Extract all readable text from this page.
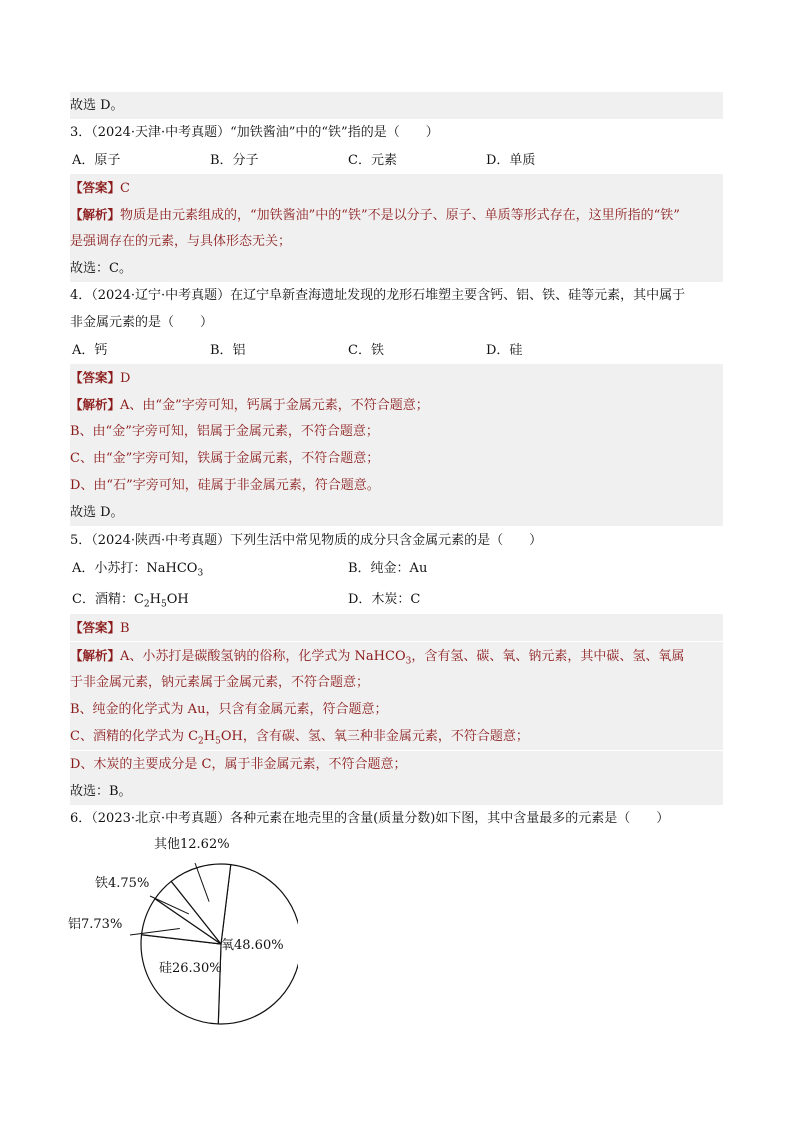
故选 D。
3．（2024·天津·中考真题）“加铁酱油”中的“铁”指的是（　　）
A．原子	B．分子	C．元素	D．单质
【答案】C
【解析】物质是由元素组成的，“加铁酱油”中的“铁”不是以分子、原子、单质等形式存在，这里所指的“铁”
是强调存在的元素，与具体形态无关；
故选：C。
4．（2024·辽宁·中考真题）在辽宁阜新查海遗址发现的龙形石堆塑主要含钙、铝、铁、硅等元素，其中属于
非金属元素的是（　　）
A．钙	B．铝	C．铁	D．硅
【答案】D
【解析】A、由“金”字旁可知，钙属于金属元素，不符合题意；
B、由“金”字旁可知，铝属于金属元素，不符合题意；
C、由“金”字旁可知，铁属于金属元素，不符合题意；
D、由“石”字旁可知，硅属于非金属元素，符合题意。
故选 D。
5．（2024·陕西·中考真题）下列生活中常见物质的成分只含金属元素的是（　　）
A．小苏打：NaHCO$_3$	B．纯金：Au
C．酒精：$C_2H_5OH$	D．木炭：C
【答案】B
【解析】A、小苏打是碳酸氢钠的俗称，化学式为 NaHCO$_3$，含有氢、碳、氧、钠元素，其中碳、氢、氧属
于非金属元素，钠元素属于金属元素，不符合题意；
B、纯金的化学式为 Au，只含有金属元素，符合题意；
C、酒精的化学式为 $C_2H_5OH$，含有碳、氢、氧三种非金属元素，不符合题意；
D、木炭的主要成分是 C，属于非金属元素，不符合题意；
故选：B。
6．（2023·北京·中考真题）各种元素在地壳里的含量(质量分数)如下图，其中含量最多的元素是（　　）
氧48.60%
硅26.30%
铝7.73%
铁4.75%
其他12.62%
